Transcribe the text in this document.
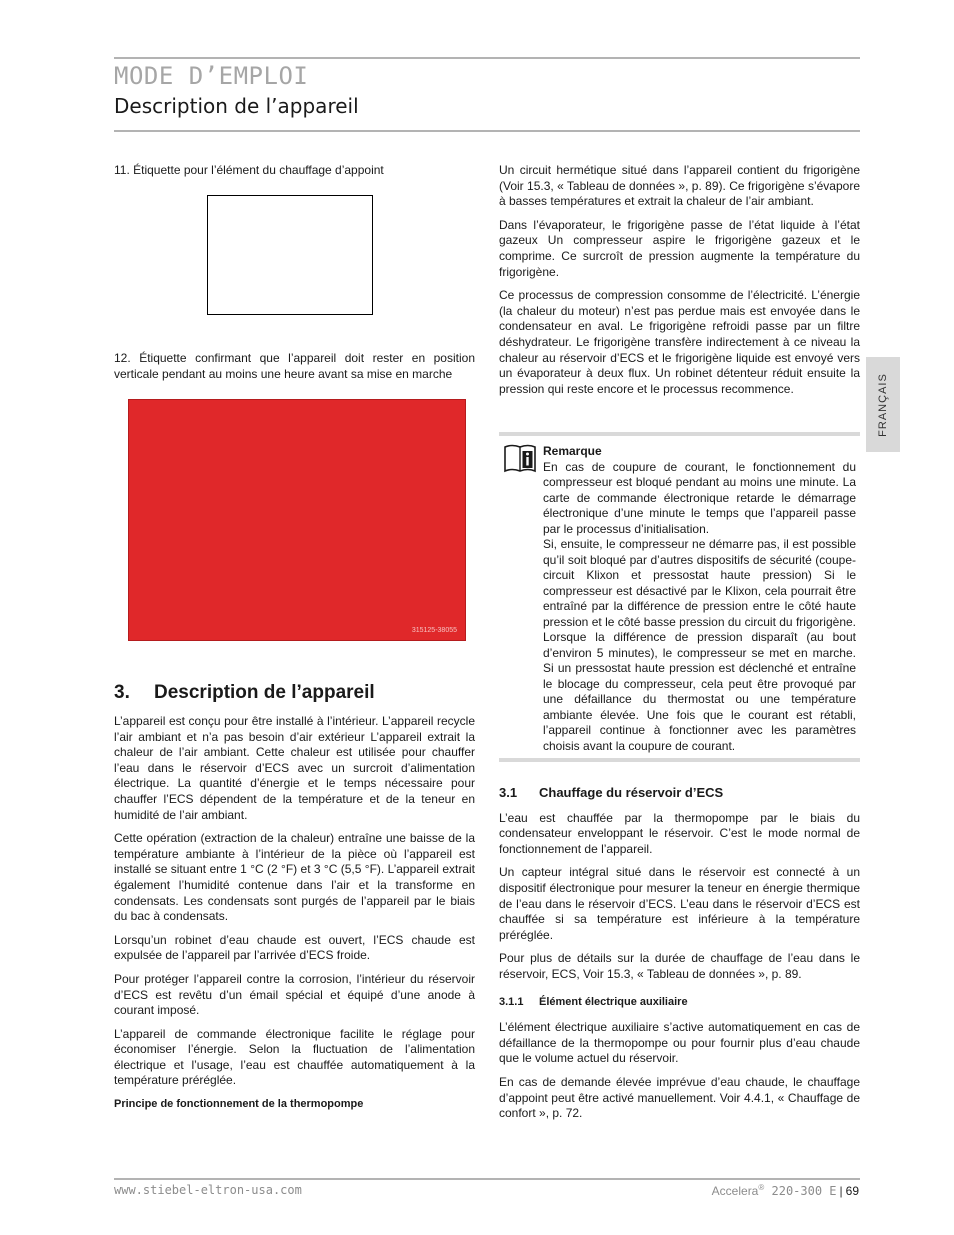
MODE D’EMPLOI
Description de l’appareil
11. Étiquette pour l’élément du chauffage d’appoint
12. Étiquette confirmant que l’appareil doit rester en position verticale pendant au moins une heure avant sa mise en marche
315125-38055
3. Description de l’appareil

L’appareil est conçu pour être installé à l’intérieur. L’appareil recycle l’air ambiant et n’a pas besoin d’air extérieur L’appareil extrait la chaleur de l’air ambiant. Cette chaleur est utilisée pour chauffer l’eau dans le réservoir d’ECS avec un surcroit d’alimentation électrique. La quantité d’énergie et le temps nécessaire pour chauffer l’ECS dépendent de la température et de la teneur en humidité de l’air ambiant.

Cette opération (extraction de la chaleur) entraîne une baisse de la température ambiante à l’intérieur de la pièce où l’appareil est installé se situant entre 1 °C (2 °F) et 3 °C (5,5 °F). L’appareil extrait également l’humidité contenue dans l’air et la transforme en condensats. Les condensats sont purgés de l’appareil par le biais du bac à condensats.

Lorsqu’un robinet d’eau chaude est ouvert, l’ECS chaude est expulsée de l’appareil par l’arrivée d’ECS froide.

Pour protéger l’appareil contre la corrosion, l’intérieur du réservoir d’ECS est revêtu d’un émail spécial et équipé d’une anode à courant imposé.

L’appareil de commande électronique facilite le réglage pour économiser l’énergie. Selon la fluctuation de l’alimentation électrique et l’usage, l’eau est chauffée automatiquement à la température préréglée.

Principe de fonctionnement de la thermopompe

Un circuit hermétique situé dans l’appareil contient du frigorigène (Voir 15.3, « Tableau de données », p. 89). Ce frigorigène s’évapore à basses températures et extrait la chaleur de l’air ambiant.

Dans l’évaporateur, le frigorigène passe de l’état liquide à l’état gazeux Un compresseur aspire le frigorigène gazeux et le comprime. Ce surcroît de pression augmente la température du frigorigène.

Ce processus de compression consomme de l’électricité. L’énergie (la chaleur du moteur) n’est pas perdue mais est envoyée dans le condensateur en aval. Le frigorigène refroidi passe par un filtre déshydrateur. Le frigorigène transfère indirectement à ce niveau la chaleur au réservoir d’ECS et le frigorigène liquide est envoyé vers un évaporateur à deux flux. Un robinet détenteur réduit ensuite la pression qui reste encore et le processus recommence.

Remarque

En cas de coupure de courant, le fonctionnement du compresseur est bloqué pendant au moins une minute. La carte de commande électronique retarde le démarrage électronique d’une minute le temps que l’appareil passe par le processus d’initialisation.

Si, ensuite, le compresseur ne démarre pas, il est possible qu’il soit bloqué par d’autres dispositifs de sécurité (coupe-circuit Klixon et pressostat haute pression) Si le compresseur est désactivé par le Klixon, cela pourrait être entraîné par la différence de pression entre le côté haute pression et le côté basse pression du circuit du frigorigène. Lorsque la différence de pression disparaît (au bout d’environ 5 minutes), le compresseur se met en marche. Si un pressostat haute pression est déclenché et entraîne le blocage du compresseur, cela peut être provoqué par une défaillance du thermostat ou une température ambiante élevée. Une fois que le courant est rétabli, l’appareil continue à fonctionner avec les paramètres choisis avant la coupure de courant.

3.1 Chauffage du réservoir d’ECS

L’eau est chauffée par la thermopompe par le biais du condensateur enveloppant le réservoir. C’est le mode normal de fonctionnement de l’appareil.

Un capteur intégral situé dans le réservoir est connecté à un dispositif électronique pour mesurer la teneur en énergie thermique de l’eau dans le réservoir d’ECS. L’eau dans le réservoir d’ECS est chauffée si sa température est inférieure à la température préréglée.

Pour plus de détails sur la durée de chauffage de l’eau dans le réservoir, ECS, Voir 15.3, « Tableau de données », p. 89.

3.1.1 Élément électrique auxiliaire

L’élément électrique auxiliaire s’active automatiquement en cas de défaillance de la thermopompe ou pour fournir plus d’eau chaude que le volume actuel du réservoir.

En cas de demande élevée imprévue d’eau chaude, le chauffage d’appoint peut être activé manuellement. Voir 4.4.1, « Chauffage de confort », p. 72.

FRANÇAIS
www.stiebel-eltron-usa.com	Accelera® 220-300 E | 69
